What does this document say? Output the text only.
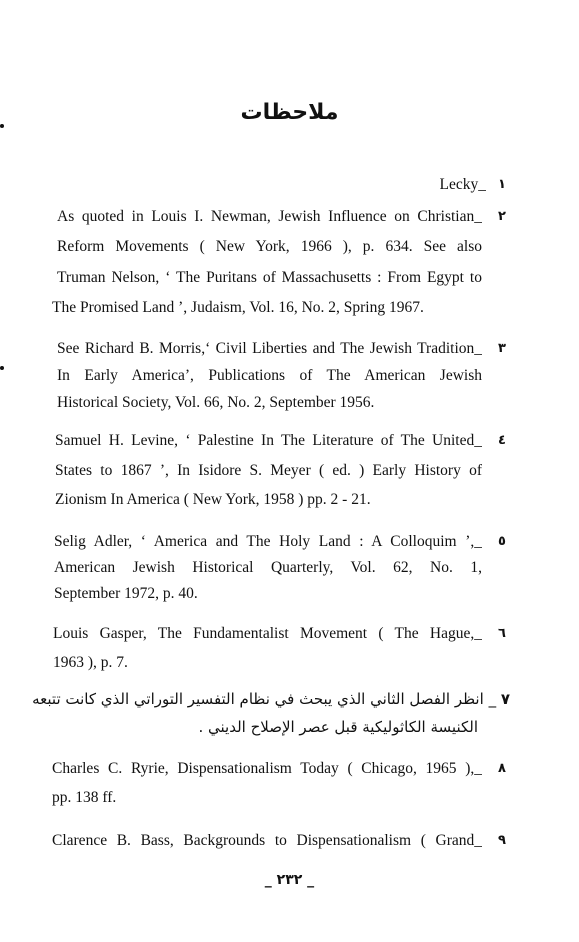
ملاحظات
Lecky_ ١
As quoted in Louis I. Newman, Jewish Influence on Christian_
Reform Movements ( New York, 1966 ), p. 634. See also
Truman Nelson, ‘ The Puritans of Massachusetts : From Egypt to
The Promised Land ’, Judaism, Vol. 16, No. 2, Spring 1967.
٢
See Richard B. Morris,‘ Civil Liberties and The Jewish Tradition_
In Early America’, Publications of The American Jewish
Historical Society, Vol. 66, No. 2, September 1956.
٣
Samuel H. Levine, ‘ Palestine In The Literature of The United_
States to 1867 ’, In Isidore S. Meyer ( ed. ) Early History of
Zionism In America ( New York, 1958 ) pp. 2 - 21.
٤
Selig Adler, ‘ America and The Holy Land : A Colloquim ’,_
American Jewish Historical Quarterly, Vol. 62, No. 1,
September 1972, p. 40.
٥
Louis Gasper, The Fundamentalist Movement ( The Hague,_
1963 ), p. 7.
٦
٧ _ انظر الفصل الثاني الذي يبحث في نظام التفسير التوراتي الذي كانت تتبعه
الكنيسة الكاثوليكية قبل عصر الإصلاح الديني .
Charles C. Ryrie, Dispensationalism Today ( Chicago, 1965 ),_
pp. 138 ff.
٨
Clarence B. Bass, Backgrounds to Dispensationalism ( Grand_ ٩
_ ٢٣٢ _
